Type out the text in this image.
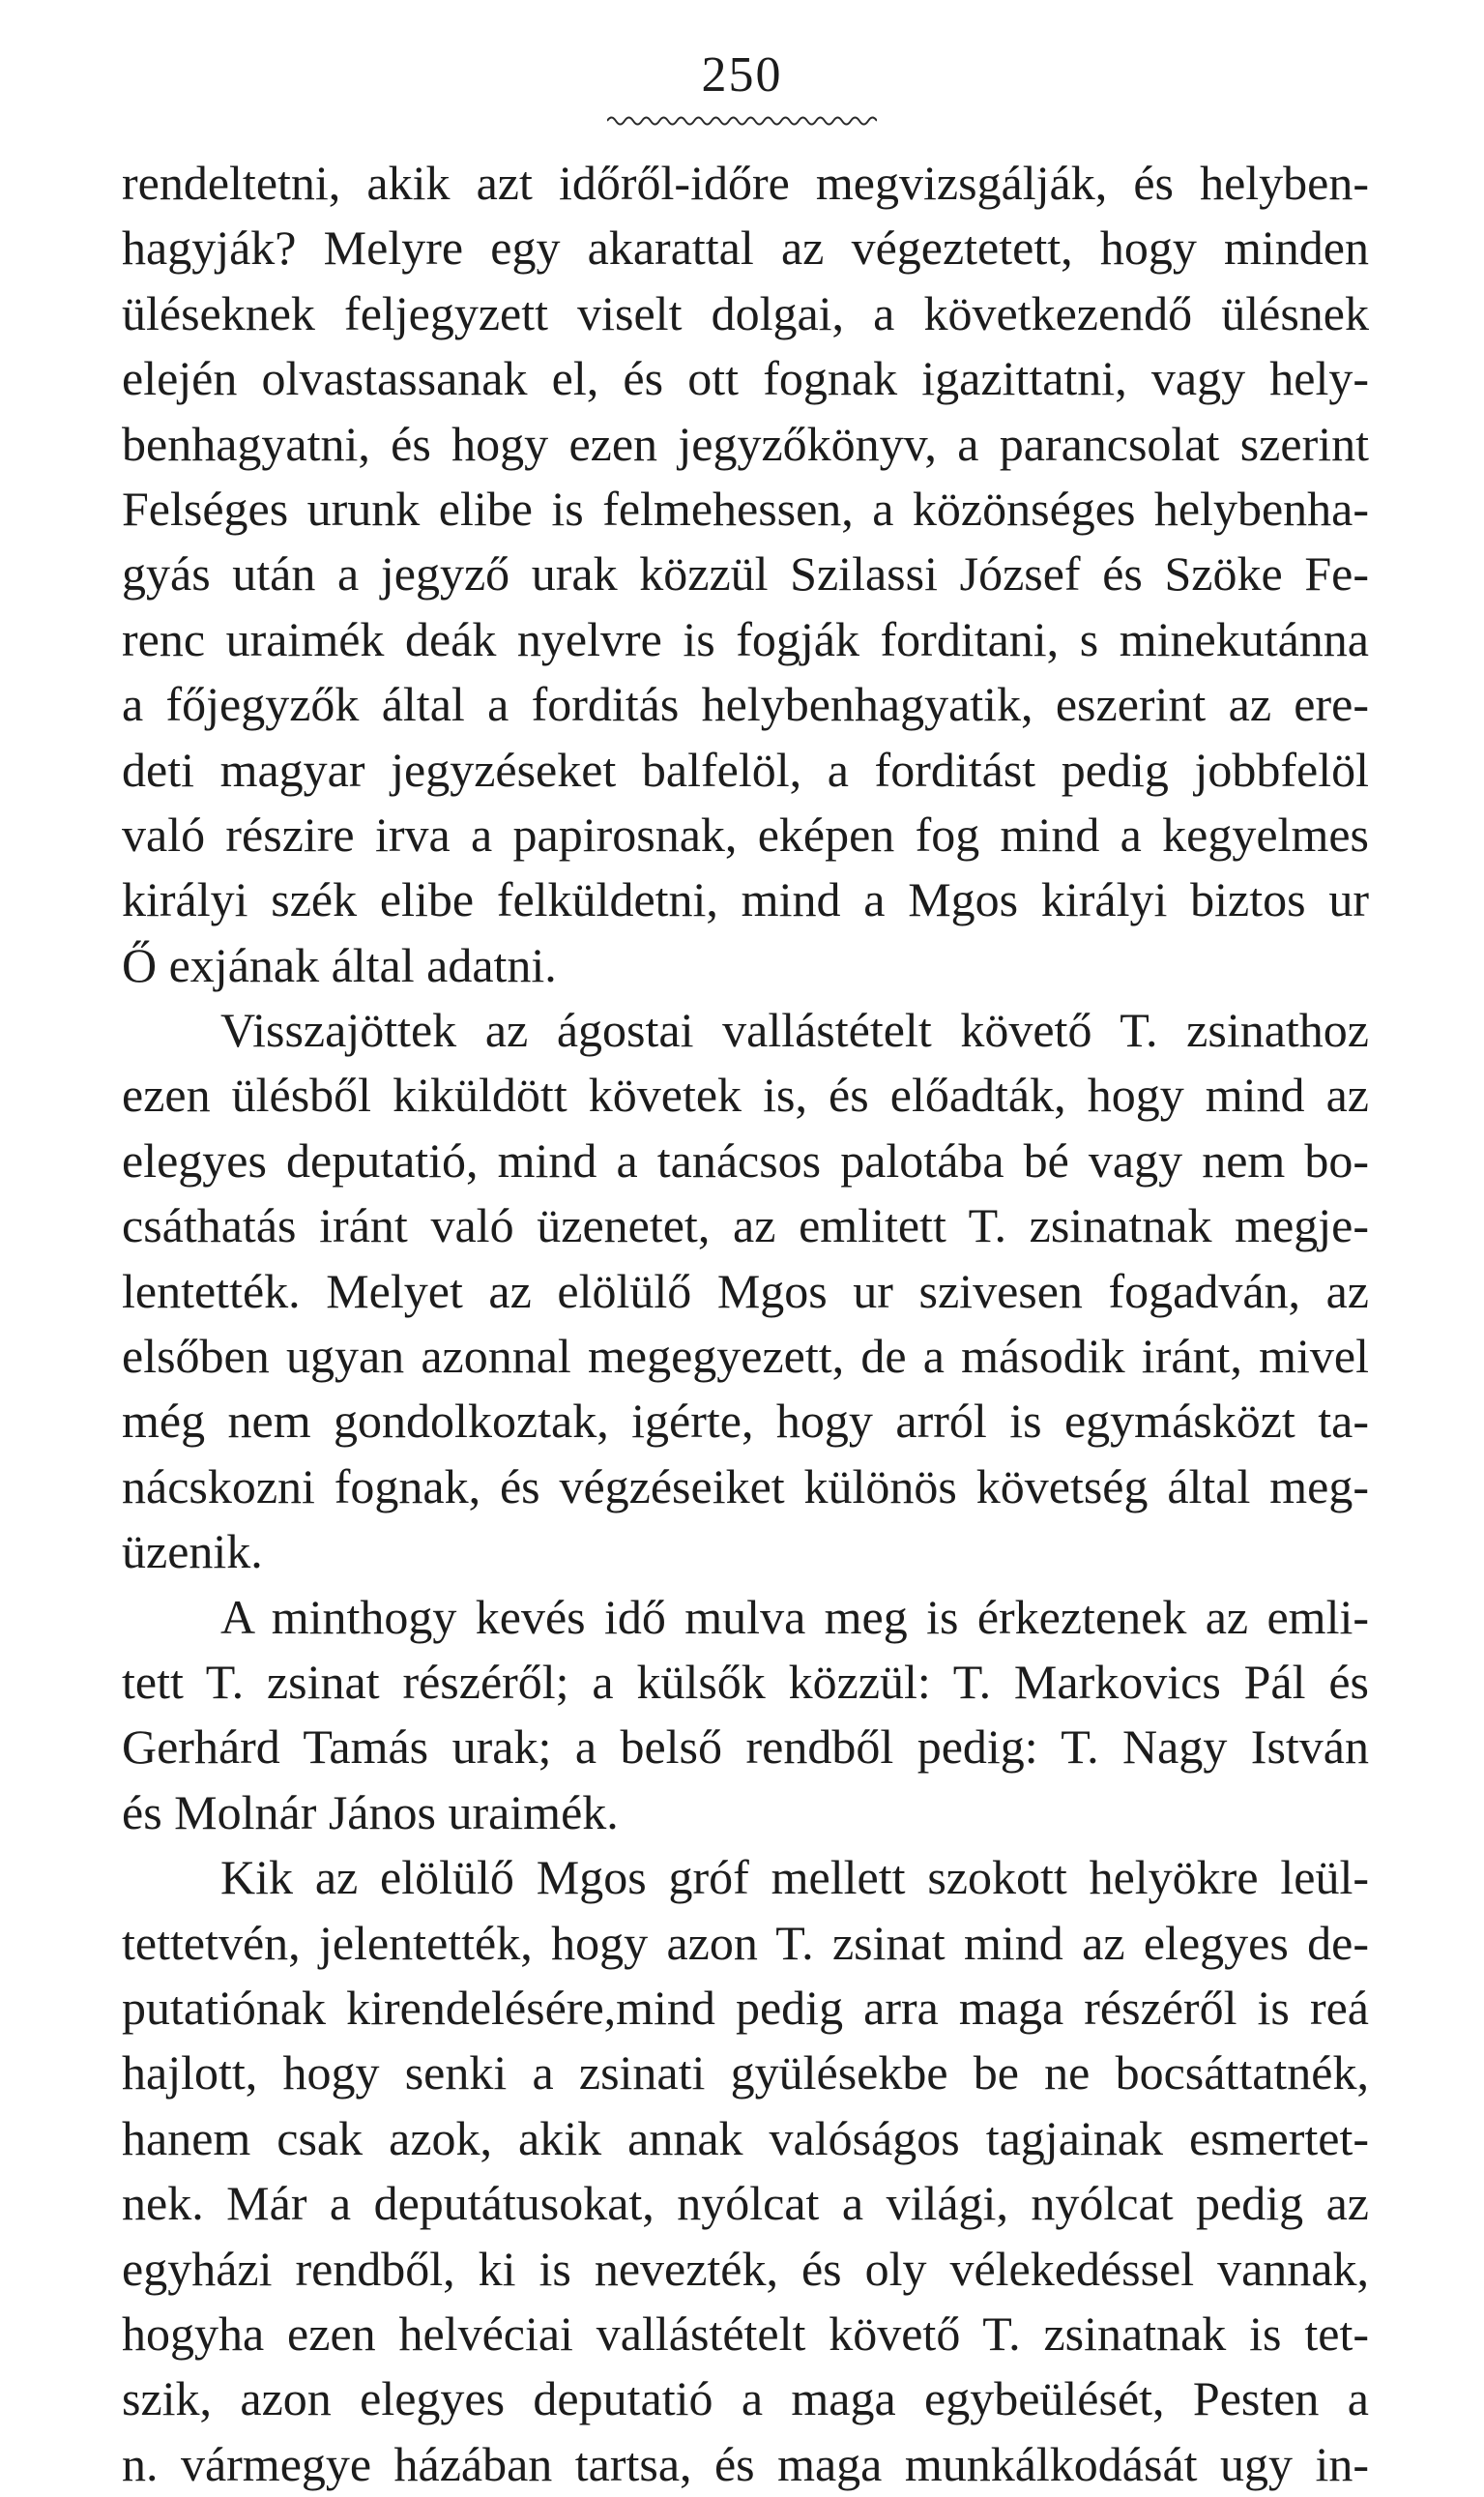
250
rendeltetni, akik azt időről-időre megvizsgálják, és helyben-
hagyják? Melyre egy akarattal az végeztetett, hogy minden
üléseknek feljegyzett viselt dolgai, a következendő ülésnek
elején olvastassanak el, és ott fognak igazittatni, vagy hely-
benhagyatni, és hogy ezen jegyzőkönyv, a parancsolat szerint
Felséges urunk elibe is felmehessen, a közönséges helybenha-
gyás után a jegyző urak közzül Szilassi József és Szöke Fe-
renc uraimék deák nyelvre is fogják forditani, s minekutánna
a főjegyzők által a forditás helybenhagyatik, eszerint az ere-
deti magyar jegyzéseket balfelöl, a forditást pedig jobbfelöl
való részire irva a papirosnak, eképen fog mind a kegyelmes
királyi szék elibe felküldetni, mind a Mgos királyi biztos ur
Ő exjának által adatni.
Visszajöttek az ágostai vallástételt követő T. zsinathoz
ezen ülésből kiküldött követek is, és előadták, hogy mind az
elegyes deputatió, mind a tanácsos palotába bé vagy nem bo-
csáthatás iránt való üzenetet, az emlitett T. zsinatnak megje-
lentették. Melyet az elölülő Mgos ur szivesen fogadván, az
elsőben ugyan azonnal megegyezett, de a második iránt, mivel
még nem gondolkoztak, igérte, hogy arról is egymásközt ta-
nácskozni fognak, és végzéseiket különös követség által meg-
üzenik.
A minthogy kevés idő mulva meg is érkeztenek az emli-
tett T. zsinat részéről; a külsők közzül: T. Markovics Pál és
Gerhárd Tamás urak; a belső rendből pedig: T. Nagy István
és Molnár János uraimék.
Kik az elölülő Mgos gróf mellett szokott helyökre leül-
tettetvén, jelentették, hogy azon T. zsinat mind az elegyes de-
putatiónak kirendelésére,mind pedig arra maga részéről is reá
hajlott, hogy senki a zsinati gyülésekbe be ne bocsáttatnék,
hanem csak azok, akik annak valóságos tagjainak esmertet-
nek. Már a deputátusokat, nyólcat a világi, nyólcat pedig az
egyházi rendből, ki is nevezték, és oly vélekedéssel vannak,
hogyha ezen helvéciai vallástételt követő T. zsinatnak is tet-
szik, azon elegyes deputatió a maga egybeülését, Pesten a
n. vármegye házában tartsa, és maga munkálkodását ugy in-
